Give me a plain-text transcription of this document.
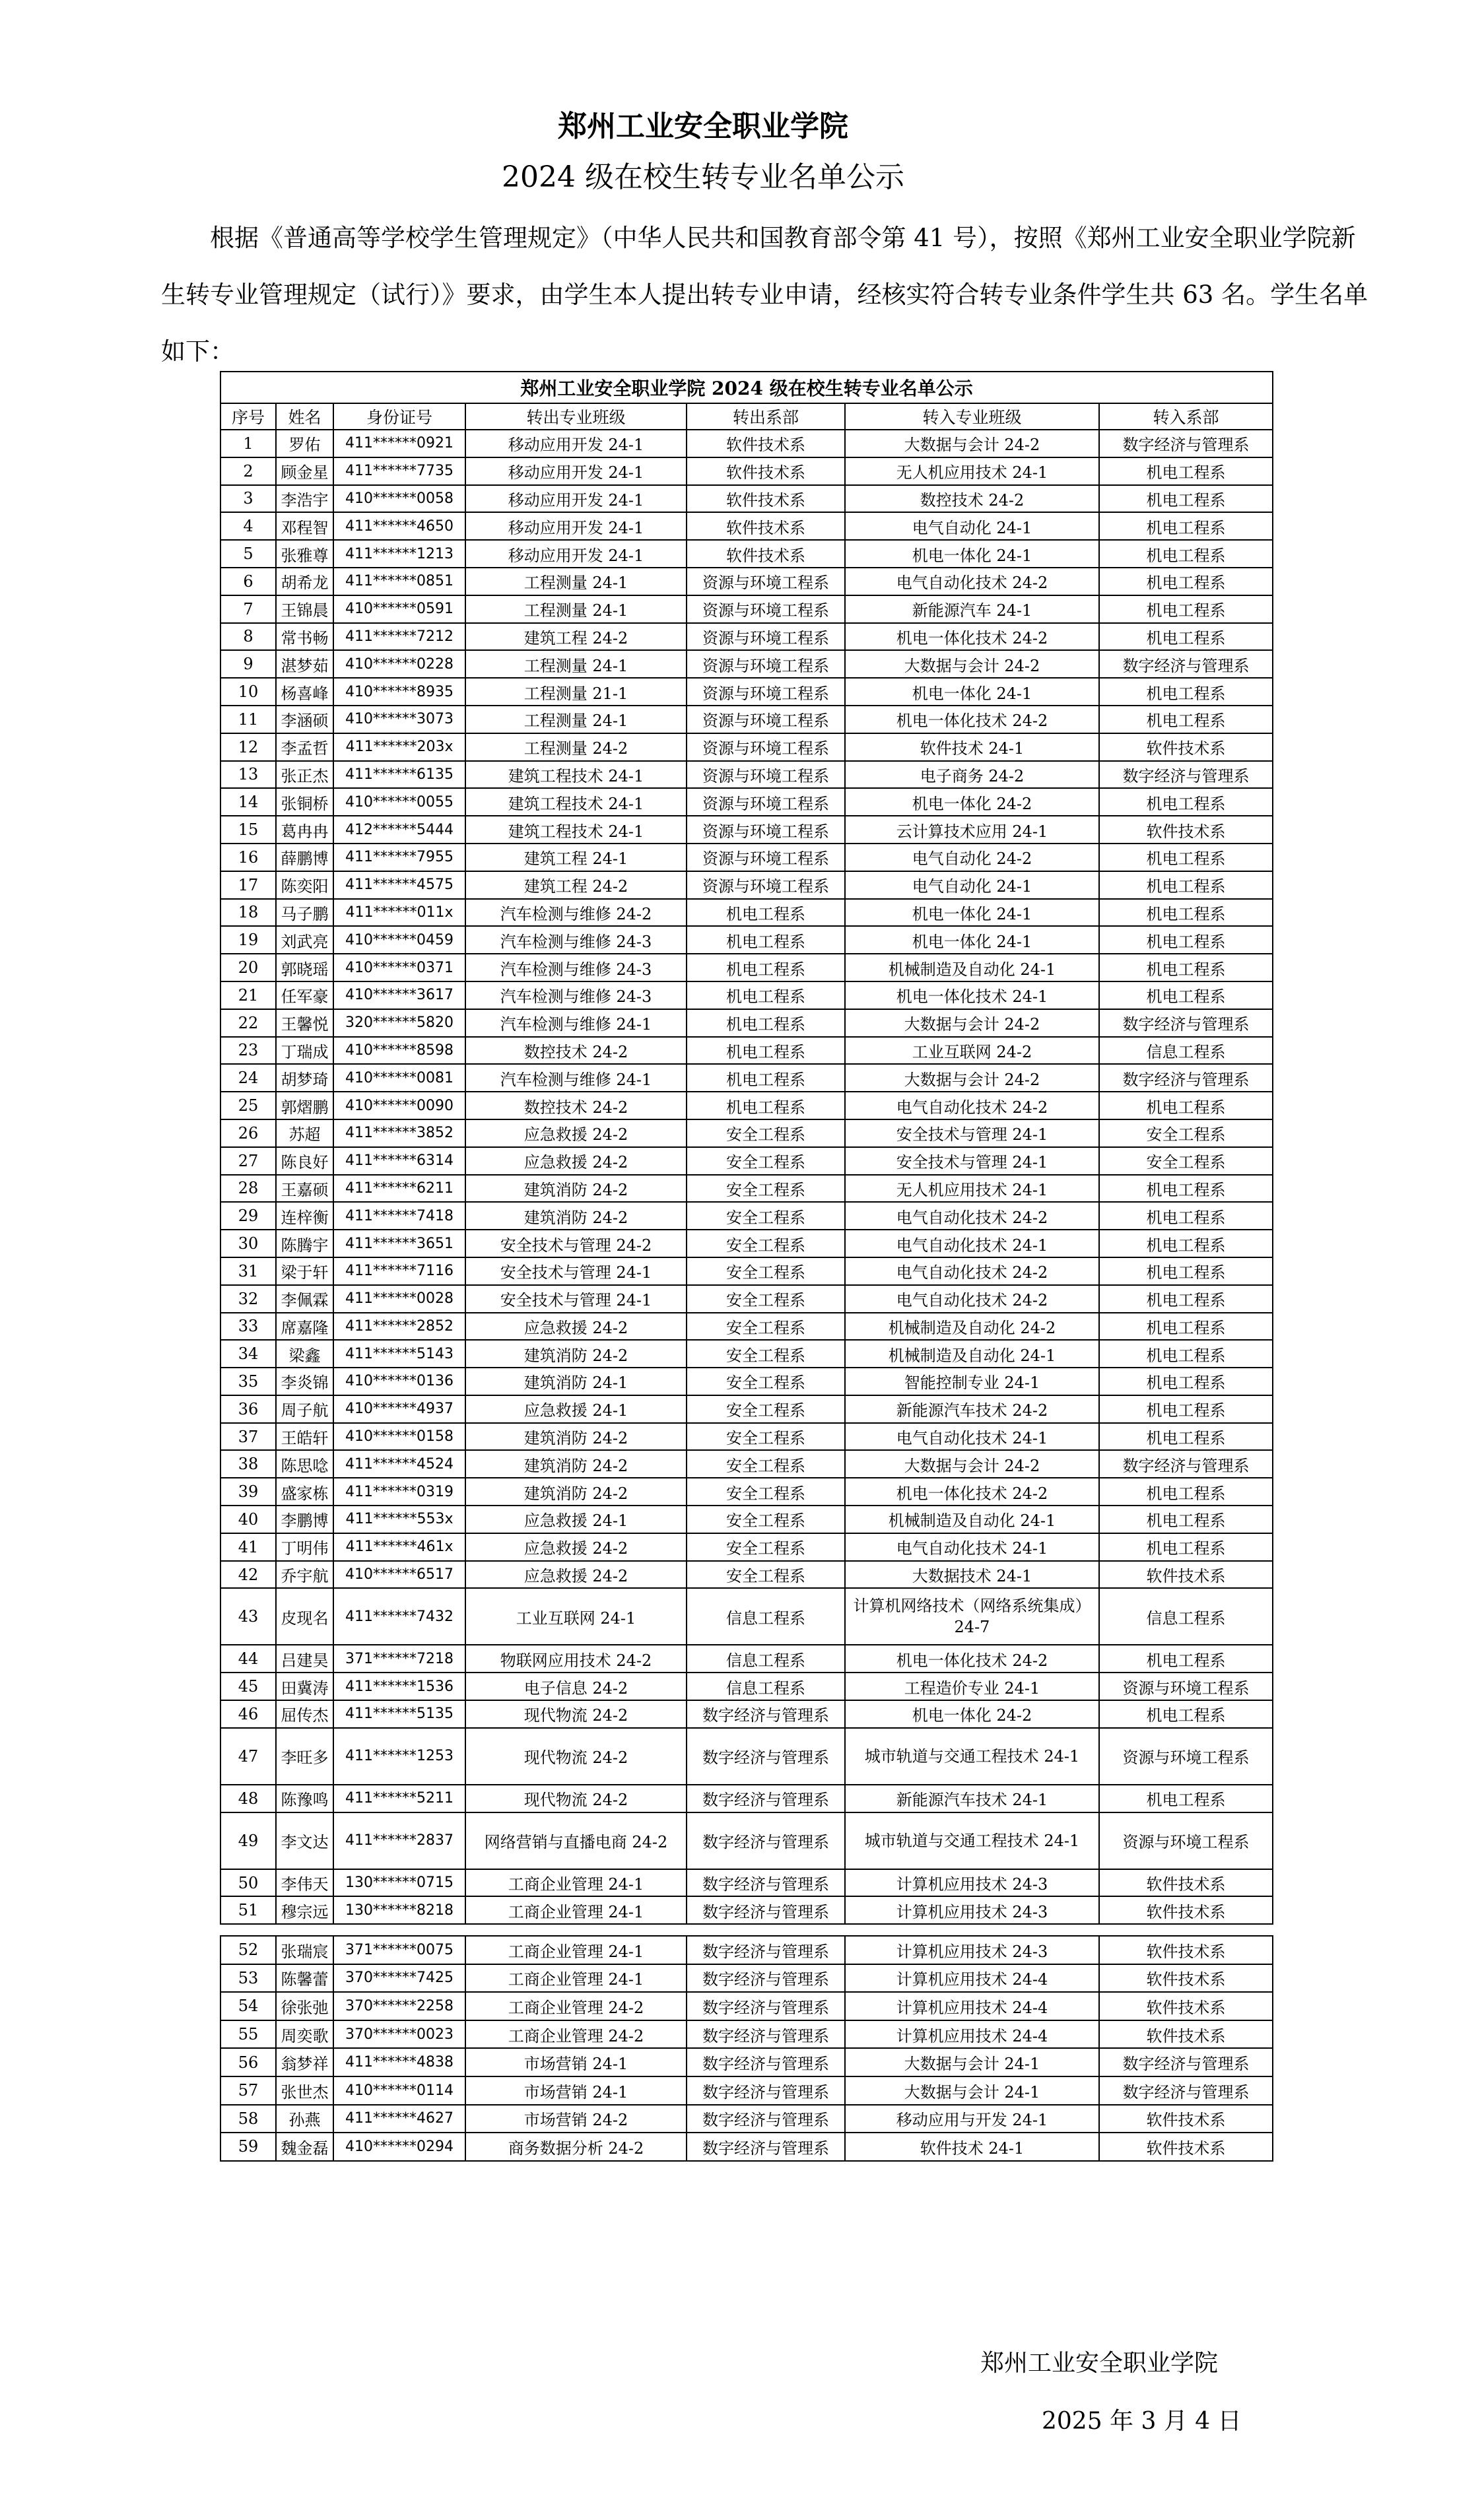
郑州工业安全职业学院
2024 级在校生转专业名单公示

根据《普通高等学校学生管理规定》（中华人民共和国教育部令第 41 号），按照《郑州工业安全职业学院新生转专业管理规定（试行）》要求，由学生本人提出转专业申请，经核实符合转专业条件学生共 63 名。学生名单如下：

郑州工业安全职业学院 2024 级在校生转专业名单公示						
序号	姓名	身份证号	转出专业班级	转出系部	转入专业班级	转入系部
1	罗佑	411******0921	移动应用开发 24-1	软件技术系	大数据与会计 24-2	数字经济与管理系
2	顾金星	411******7735	移动应用开发 24-1	软件技术系	无人机应用技术 24-1	机电工程系
3	李浩宇	410******0058	移动应用开发 24-1	软件技术系	数控技术 24-2	机电工程系
4	邓程智	411******4650	移动应用开发 24-1	软件技术系	电气自动化 24-1	机电工程系
5	张雅尊	411******1213	移动应用开发 24-1	软件技术系	机电一体化 24-1	机电工程系
6	胡希龙	411******0851	工程测量 24-1	资源与环境工程系	电气自动化技术 24-2	机电工程系
7	王锦晨	410******0591	工程测量 24-1	资源与环境工程系	新能源汽车 24-1	机电工程系
8	常书畅	411******7212	建筑工程 24-2	资源与环境工程系	机电一体化技术 24-2	机电工程系
9	湛梦茹	410******0228	工程测量 24-1	资源与环境工程系	大数据与会计 24-2	数字经济与管理系
10	杨喜峰	410******8935	工程测量 21-1	资源与环境工程系	机电一体化 24-1	机电工程系
11	李涵硕	410******3073	工程测量 24-1	资源与环境工程系	机电一体化技术 24-2	机电工程系
12	李孟哲	411******203x	工程测量 24-2	资源与环境工程系	软件技术 24-1	软件技术系
13	张正杰	411******6135	建筑工程技术 24-1	资源与环境工程系	电子商务 24-2	数字经济与管理系
14	张铜桥	410******0055	建筑工程技术 24-1	资源与环境工程系	机电一体化 24-2	机电工程系
15	葛冉冉	412******5444	建筑工程技术 24-1	资源与环境工程系	云计算技术应用 24-1	软件技术系
16	薛鹏博	411******7955	建筑工程 24-1	资源与环境工程系	电气自动化 24-2	机电工程系
17	陈奕阳	411******4575	建筑工程 24-2	资源与环境工程系	电气自动化 24-1	机电工程系
18	马子鹏	411******011x	汽车检测与维修 24-2	机电工程系	机电一体化 24-1	机电工程系
19	刘武亮	410******0459	汽车检测与维修 24-3	机电工程系	机电一体化 24-1	机电工程系
20	郭晓瑶	410******0371	汽车检测与维修 24-3	机电工程系	机械制造及自动化 24-1	机电工程系
21	任军豪	410******3617	汽车检测与维修 24-3	机电工程系	机电一体化技术 24-1	机电工程系
22	王馨悦	320******5820	汽车检测与维修 24-1	机电工程系	大数据与会计 24-2	数字经济与管理系
23	丁瑞成	410******8598	数控技术 24-2	机电工程系	工业互联网 24-2	信息工程系
24	胡梦琦	410******0081	汽车检测与维修 24-1	机电工程系	大数据与会计 24-2	数字经济与管理系
25	郭熠鹏	410******0090	数控技术 24-2	机电工程系	电气自动化技术 24-2	机电工程系
26	苏超	411******3852	应急救援 24-2	安全工程系	安全技术与管理 24-1	安全工程系
27	陈良好	411******6314	应急救援 24-2	安全工程系	安全技术与管理 24-1	安全工程系
28	王嘉硕	411******6211	建筑消防 24-2	安全工程系	无人机应用技术 24-1	机电工程系
29	连梓衡	411******7418	建筑消防 24-2	安全工程系	电气自动化技术 24-2	机电工程系
30	陈腾宇	411******3651	安全技术与管理 24-2	安全工程系	电气自动化技术 24-1	机电工程系
31	梁于轩	411******7116	安全技术与管理 24-1	安全工程系	电气自动化技术 24-2	机电工程系
32	李佩霖	411******0028	安全技术与管理 24-1	安全工程系	电气自动化技术 24-2	机电工程系
33	席嘉隆	411******2852	应急救援 24-2	安全工程系	机械制造及自动化 24-2	机电工程系
34	梁鑫	411******5143	建筑消防 24-2	安全工程系	机械制造及自动化 24-1	机电工程系
35	李炎锦	410******0136	建筑消防 24-1	安全工程系	智能控制专业 24-1	机电工程系
36	周子航	410******4937	应急救援 24-1	安全工程系	新能源汽车技术 24-2	机电工程系
37	王皓轩	410******0158	建筑消防 24-2	安全工程系	电气自动化技术 24-1	机电工程系
38	陈思唸	411******4524	建筑消防 24-2	安全工程系	大数据与会计 24-2	数字经济与管理系
39	盛家栋	411******0319	建筑消防 24-2	安全工程系	机电一体化技术 24-2	机电工程系
40	李鹏博	411******553x	应急救援 24-1	安全工程系	机械制造及自动化 24-1	机电工程系
41	丁明伟	411******461x	应急救援 24-2	安全工程系	电气自动化技术 24-1	机电工程系
42	乔宇航	410******6517	应急救援 24-2	安全工程系	大数据技术 24-1	软件技术系
43	皮现名	411******7432	工业互联网 24-1	信息工程系	计算机网络技术（网络系统集成）24-7	信息工程系
44	吕建昊	371******7218	物联网应用技术 24-2	信息工程系	机电一体化技术 24-2	机电工程系
45	田冀涛	411******1536	电子信息 24-2	信息工程系	工程造价专业 24-1	资源与环境工程系
46	屈传杰	411******5135	现代物流 24-2	数字经济与管理系	机电一体化 24-2	机电工程系
47	李旺多	411******1253	现代物流 24-2	数字经济与管理系	城市轨道与交通工程技术 24-1	资源与环境工程系
48	陈豫鸣	411******5211	现代物流 24-2	数字经济与管理系	新能源汽车技术 24-1	机电工程系
49	李文达	411******2837	网络营销与直播电商 24-2	数字经济与管理系	城市轨道与交通工程技术 24-1	资源与环境工程系
50	李伟天	130******0715	工商企业管理 24-1	数字经济与管理系	计算机应用技术 24-3	软件技术系
51	穆宗远	130******8218	工商企业管理 24-1	数字经济与管理系	计算机应用技术 24-3	软件技术系
52	张瑞宸	371******0075	工商企业管理 24-1	数字经济与管理系	计算机应用技术 24-3	软件技术系
53	陈馨蕾	370******7425	工商企业管理 24-1	数字经济与管理系	计算机应用技术 24-4	软件技术系
54	徐张弛	370******2258	工商企业管理 24-2	数字经济与管理系	计算机应用技术 24-4	软件技术系
55	周奕歌	370******0023	工商企业管理 24-2	数字经济与管理系	计算机应用技术 24-4	软件技术系
56	翁梦祥	411******4838	市场营销 24-1	数字经济与管理系	大数据与会计 24-1	数字经济与管理系
57	张世杰	410******0114	市场营销 24-1	数字经济与管理系	大数据与会计 24-1	数字经济与管理系
58	孙燕	411******4627	市场营销 24-2	数字经济与管理系	移动应用与开发 24-1	软件技术系
59	魏金磊	410******0294	商务数据分析 24-2	数字经济与管理系	软件技术 24-1	软件技术系
郑州工业安全职业学院
2025 年 3 月 4 日
